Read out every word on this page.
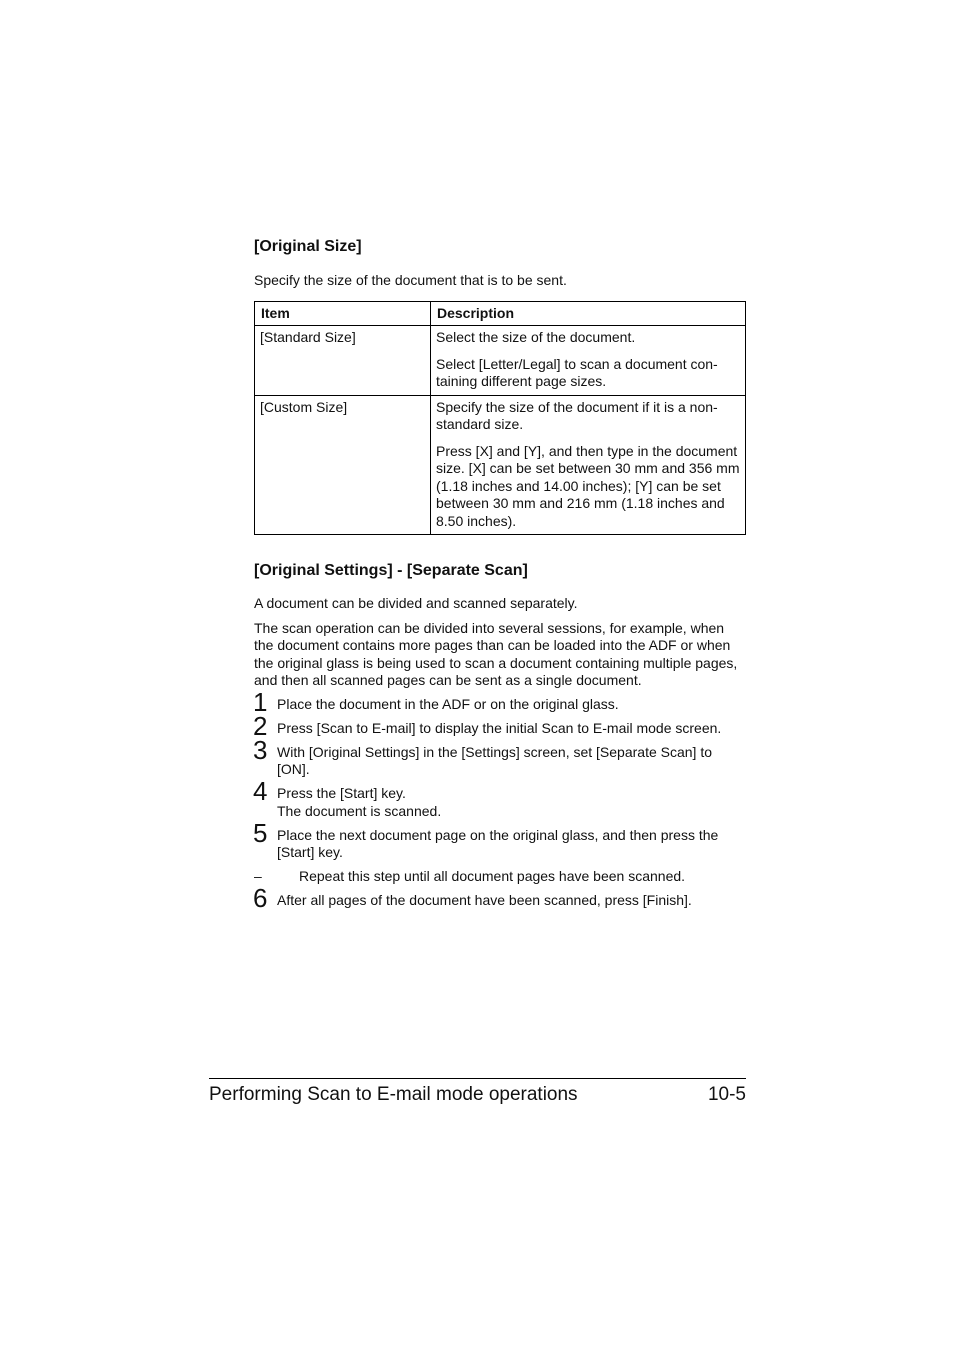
[Original Size]

Specify the size of the document that is to be sent.

Item	Description
[Standard Size]	Select the size of the document.
Select [Letter/Legal] to scan a document con-taining different page sizes.

[Custom Size]	Specify the size of the document if it is a non-standard size.
Press [X] and [Y], and then type in the document size. [X] can be set between 30 mm and 356 mm (1.18 inches and 14.00 inches); [Y] can be set between 30 mm and 216 mm (1.18 inches and 8.50 inches).
[Original Settings] - [Separate Scan]

A document can be divided and scanned separately.

The scan operation can be divided into several sessions, for example, when the document contains more pages than can be loaded into the ADF or when the original glass is being used to scan a document containing multiple pages, and then all scanned pages can be sent as a single document.

1 Place the document in the ADF or on the original glass.
2 Press [Scan to E-mail] to display the initial Scan to E-mail mode screen.
3 With [Original Settings] in the [Settings] screen, set [Separate Scan] to [ON].
4 Press the [Start] key.
The document is scanned.
5 Place the next document page on the original glass, and then press the [Start] key.
–	Repeat this step until all document pages have been scanned.
6 After all pages of the document have been scanned, press [Finish].
Performing Scan to E-mail mode operations	10-5
